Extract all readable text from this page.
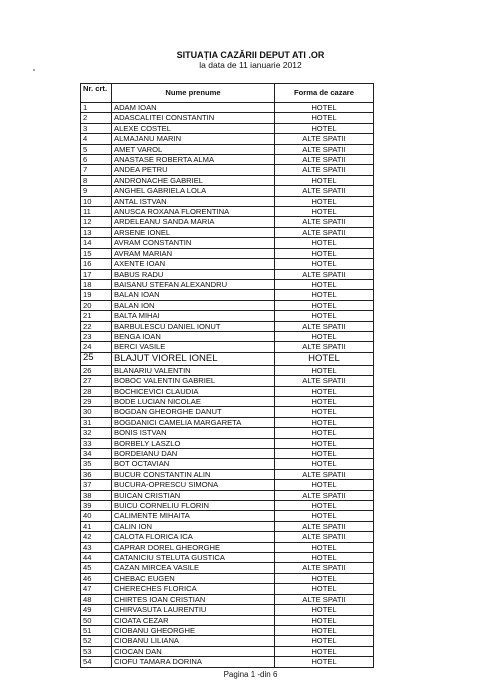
SITUAȚIA CAZĂRII DEPUT ATI .OR
la data de 11 ianuarie 2012
Nr. crt.	Nume prenume	Forma de cazare
1	ADAM IOAN	HOTEL
2	ADASCALITEI CONSTANTIN	HOTEL
3	ALEXE COSTEL	HOTEL
4	ALMAJANU MARIN	ALTE SPATII
5	AMET VAROL	ALTE SPATII
6	ANASTASE ROBERTA ALMA	ALTE SPATII
7	ANDEA PETRU	ALTE SPATII
8	ANDRONACHE GABRIEL	HOTEL
9	ANGHEL GABRIELA LOLA	ALTE SPATII
10	ANTAL ISTVAN	HOTEL
11	ANUSCA ROXANA FLORENTINA	HOTEL
12	ARDELEANU SANDA MARIA	ALTE SPATII
13	ARSENE IONEL	ALTE SPATII
14	AVRAM CONSTANTIN	HOTEL
15	AVRAM MARIAN	HOTEL
16	AXENTE IOAN	HOTEL
17	BABUS RADU	ALTE SPATII
18	BAISANU STEFAN ALEXANDRU	HOTEL
19	BALAN IOAN	HOTEL
20	BALAN ION	HOTEL
21	BALTA MIHAI	HOTEL
22	BARBULESCU DANIEL IONUT	ALTE SPATII
23	BENGA IOAN	HOTEL
24	BERCI VASILE	ALTE SPATII
25	BLAJUT VIOREL IONEL	HOTEL
26	BLANARIU VALENTIN	HOTEL
27	BOBOC VALENTIN GABRIEL	ALTE SPATII
28	BOCHICEVICI CLAUDIA	HOTEL
29	BODE LUCIAN NICOLAE	HOTEL
30	BOGDAN GHEORGHE DANUT	HOTEL
31	BOGDANICI CAMELIA MARGARETA	HOTEL
32	BONIS ISTVAN	HOTEL
33	BORBELY LASZLO	HOTEL
34	BORDEIANU DAN	HOTEL
35	BOT OCTAVIAN	HOTEL
36	BUCUR CONSTANTIN ALIN	ALTE SPATII
37	BUCURA-OPRESCU SIMONA	HOTEL
38	BUICAN CRISTIAN	ALTE SPATII
39	BUICU CORNELIU FLORIN	HOTEL
40	CALIMENTE MIHAITA	HOTEL
41	CALIN ION	ALTE SPATII
42	CALOTA FLORICA ICA	ALTE SPATII
43	CAPRAR DOREL GHEORGHE	HOTEL
44	CATANICIU STELUTA GUSTICA	HOTEL
45	CAZAN MIRCEA VASILE	ALTE SPATII
46	CHEBAC EUGEN	HOTEL
47	CHERECHES FLORICA	HOTEL
48	CHIRTES IOAN CRISTIAN	ALTE SPATII
49	CHIRVASUTA LAURENTIU	HOTEL
50	CIOATA CEZAR	HOTEL
51	CIOBANU GHEORGHE	HOTEL
52	CIOBANU LILIANA	HOTEL
53	CIOCAN DAN	HOTEL
54	CIOFU TAMARA DORINA	HOTEL
Pagina 1 -din 6
